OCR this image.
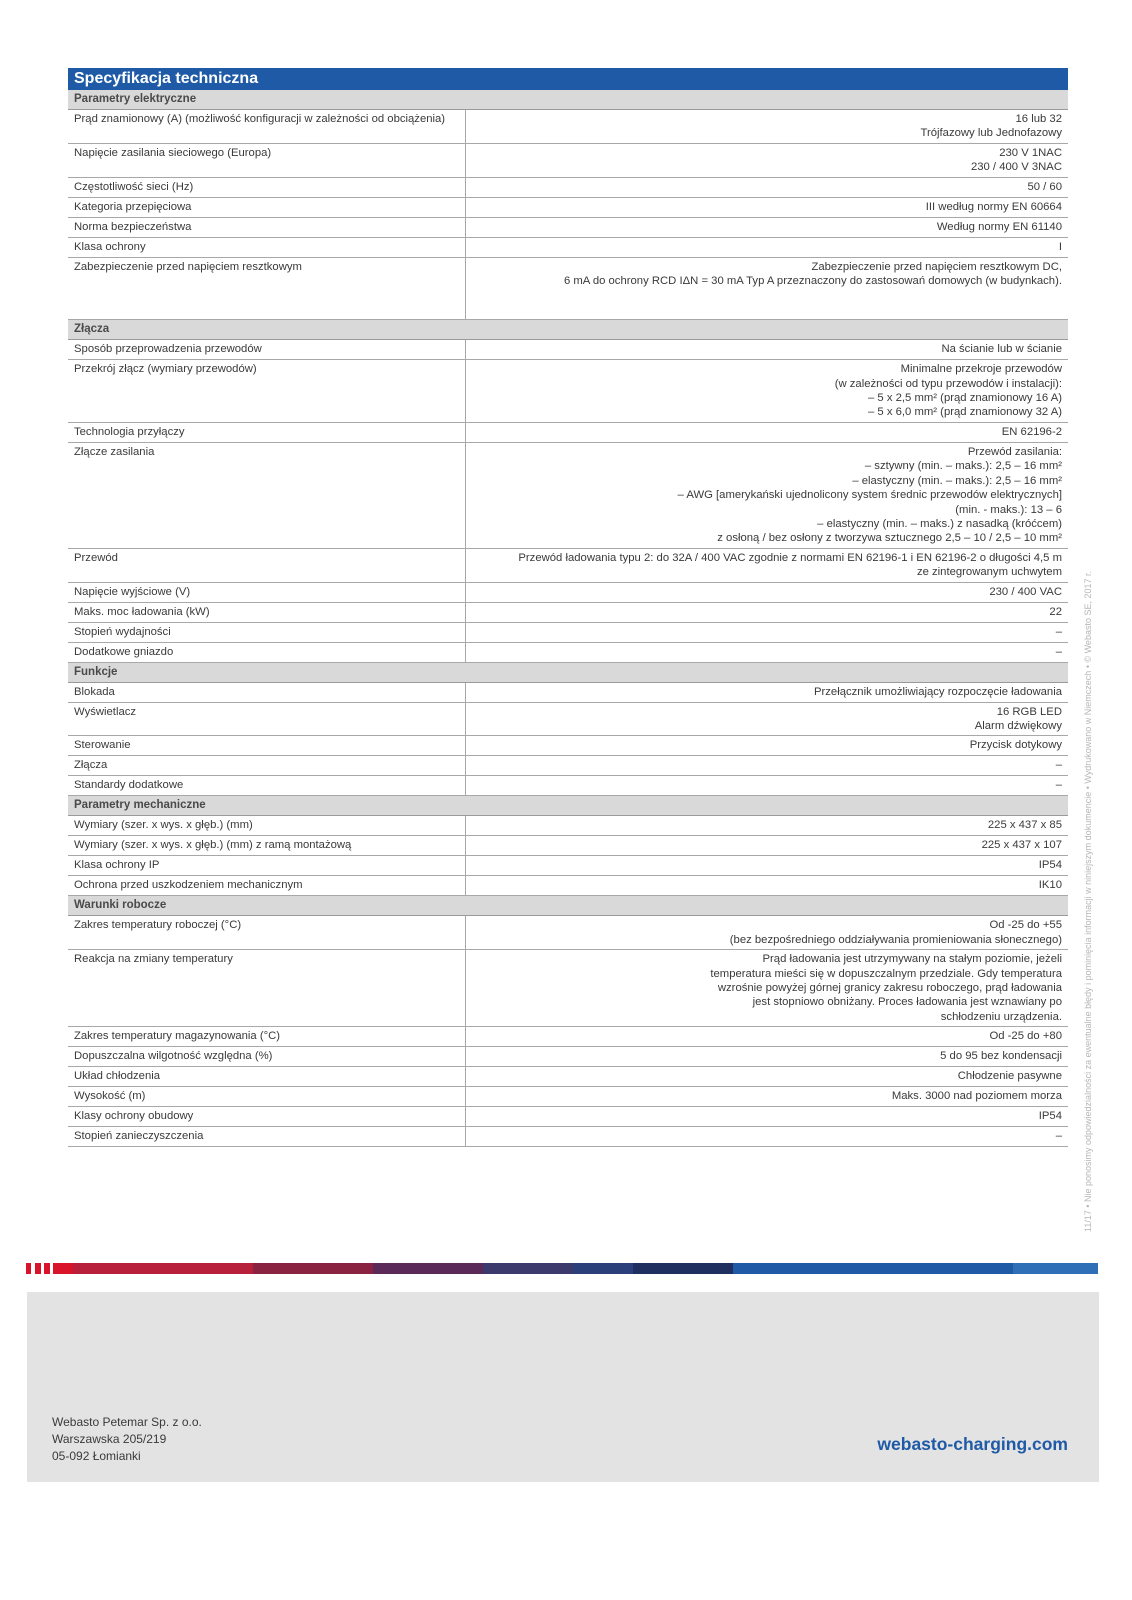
Specyfikacja techniczna
Parametry elektryczne
Prąd znamionowy (A) (możliwość konfiguracji w zależności od obciążenia)	16 lub 32
Trójfazowy lub Jednofazowy
Napięcie zasilania sieciowego (Europa)	230 V 1NAC
230 / 400 V 3NAC
Częstotliwość sieci (Hz)	50 / 60
Kategoria przepięciowa	III według normy EN 60664
Norma bezpieczeństwa	Według normy EN 61140
Klasa ochrony	I
Zabezpieczenie przed napięciem resztkowym	Zabezpieczenie przed napięciem resztkowym DC,
6 mA do ochrony RCD IΔN = 30 mA Typ A przeznaczony do zastosowań domowych (w budynkach).

Złącza
Sposób przeprowadzenia przewodów	Na ścianie lub w ścianie
Przekrój złącz (wymiary przewodów)	Minimalne przekroje przewodów
(w zależności od typu przewodów i instalacji):
– 5 x 2,5 mm² (prąd znamionowy 16 A)
– 5 x 6,0 mm² (prąd znamionowy 32 A)
Technologia przyłączy	EN 62196-2
Złącze zasilania	Przewód zasilania:
– sztywny (min. – maks.): 2,5 – 16 mm²
– elastyczny (min. – maks.): 2,5 – 16 mm²
– AWG [amerykański ujednolicony system średnic przewodów elektrycznych]
(min. - maks.): 13 – 6
– elastyczny (min. – maks.) z nasadką (króćcem)
z osłoną / bez osłony z tworzywa sztucznego 2,5 – 10 / 2,5 – 10 mm²

Przewód	Przewód ładowania typu 2: do 32A / 400 VAC zgodnie z normami EN 62196-1 i EN 62196-2 o długości 4,5 m
ze zintegrowanym uchwytem

Napięcie wyjściowe (V)	230 / 400 VAC
Maks. moc ładowania (kW)	22
Stopień wydajności	–
Dodatkowe gniazdo	–
Funkcje
Blokada	Przełącznik umożliwiający rozpoczęcie ładowania
Wyświetlacz	16 RGB LED
Alarm dźwiękowy
Sterowanie	Przycisk dotykowy
Złącza	–
Standardy dodatkowe	–
Parametry mechaniczne
Wymiary (szer. x wys. x głęb.) (mm)	225 x 437 x 85
Wymiary (szer. x wys. x głęb.) (mm) z ramą montażową	225 x 437 x 107

Klasa ochrony IP	IP54
Ochrona przed uszkodzeniem mechanicznym	IK10

Warunki robocze
Zakres temperatury roboczej (°C)	Od -25 do +55
(bez bezpośredniego oddziaływania promieniowania słonecznego)
Reakcja na zmiany temperatury	Prąd ładowania jest utrzymywany na stałym poziomie, jeżeli
temperatura mieści się w dopuszczalnym przedziale. Gdy temperatura
wzrośnie powyżej górnej granicy zakresu roboczego, prąd ładowania
jest stopniowo obniżany. Proces ładowania jest wznawiany po
schłodzeniu urządzenia.
Zakres temperatury magazynowania (°C)	Od -25 do +80
Dopuszczalna wilgotność względna (%)	5 do 95 bez kondensacji
Układ chłodzenia	Chłodzenie pasywne
Wysokość (m)	Maks. 3000 nad poziomem morza
Klasy ochrony obudowy	IP54
Stopień zanieczyszczenia	–	11/17 • Nie ponosimy odpowiedzialności za ewentualne błędy i pominięcia informacji w niniejszym dokumencie • Wydrukowano w Niemczech • © Webasto SE, 2017 r.
Webasto Petemar Sp. z o.o.
Warszawska 205/219
05-092 Łomianki
webasto-charging.com
